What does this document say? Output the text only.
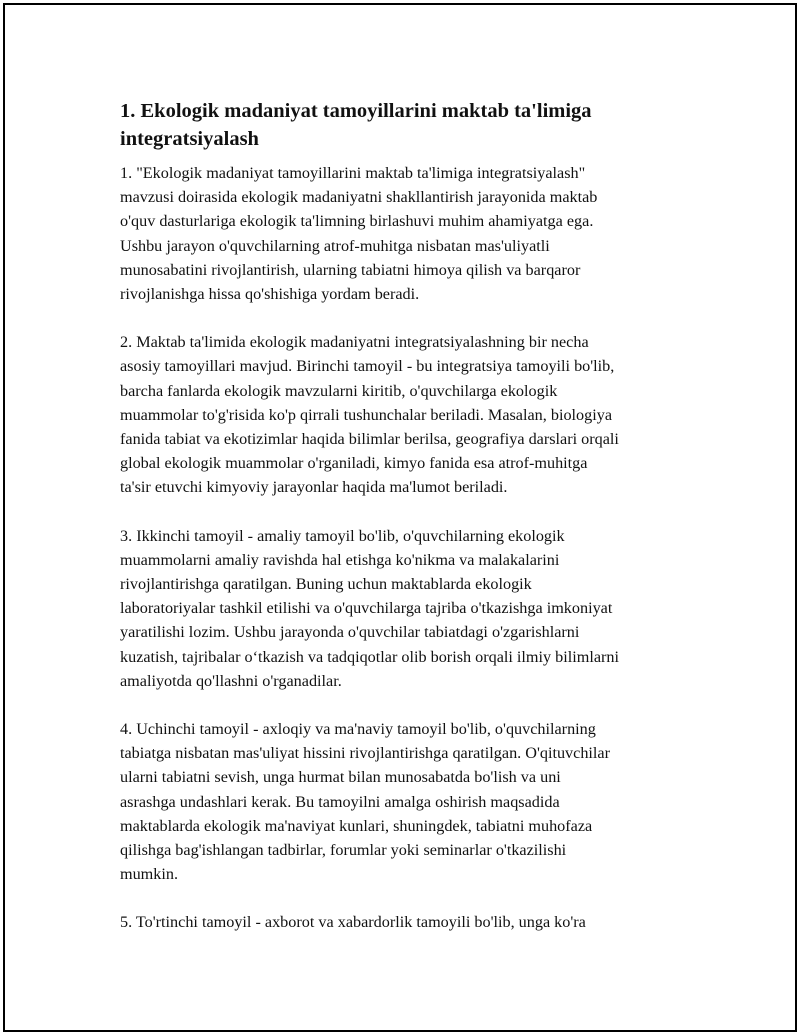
1. Ekologik madaniyat tamoyillarini maktab ta'limiga integratsiyalash

1. "Ekologik madaniyat tamoyillarini maktab ta'limiga integratsiyalash"
mavzusi doirasida ekologik madaniyatni shakllantirish jarayonida maktab
o'quv dasturlariga ekologik ta'limning birlashuvi muhim ahamiyatga ega.
Ushbu jarayon o'quvchilarning atrof-muhitga nisbatan mas'uliyatli
munosabatini rivojlantirish, ularning tabiatni himoya qilish va barqaror
rivojlanishga hissa qo'shishiga yordam beradi.

2. Maktab ta'limida ekologik madaniyatni integratsiyalashning bir necha
asosiy tamoyillari mavjud. Birinchi tamoyil - bu integratsiya tamoyili bo'lib,
barcha fanlarda ekologik mavzularni kiritib, o'quvchilarga ekologik
muammolar to'g'risida ko'p qirrali tushunchalar beriladi. Masalan, biologiya
fanida tabiat va ekotizimlar haqida bilimlar berilsa, geografiya darslari orqali
global ekologik muammolar o'rganiladi, kimyo fanida esa atrof-muhitga
ta'sir etuvchi kimyoviy jarayonlar haqida ma'lumot beriladi.

3. Ikkinchi tamoyil - amaliy tamoyil bo'lib, o'quvchilarning ekologik
muammolarni amaliy ravishda hal etishga ko'nikma va malakalarini
rivojlantirishga qaratilgan. Buning uchun maktablarda ekologik
laboratoriyalar tashkil etilishi va o'quvchilarga tajriba o'tkazishga imkoniyat
yaratilishi lozim. Ushbu jarayonda o'quvchilar tabiatdagi o'zgarishlarni
kuzatish, tajribalar o‘tkazish va tadqiqotlar olib borish orqali ilmiy bilimlarni
amaliyotda qo'llashni o'rganadilar.

4. Uchinchi tamoyil - axloqiy va ma'naviy tamoyil bo'lib, o'quvchilarning
tabiatga nisbatan mas'uliyat hissini rivojlantirishga qaratilgan. O'qituvchilar
ularni tabiatni sevish, unga hurmat bilan munosabatda bo'lish va uni
asrashga undashlari kerak. Bu tamoyilni amalga oshirish maqsadida
maktablarda ekologik ma'naviyat kunlari, shuningdek, tabiatni muhofaza
qilishga bag'ishlangan tadbirlar, forumlar yoki seminarlar o'tkazilishi
mumkin.

5. To'rtinchi tamoyil - axborot va xabardorlik tamoyili bo'lib, unga ko'ra
